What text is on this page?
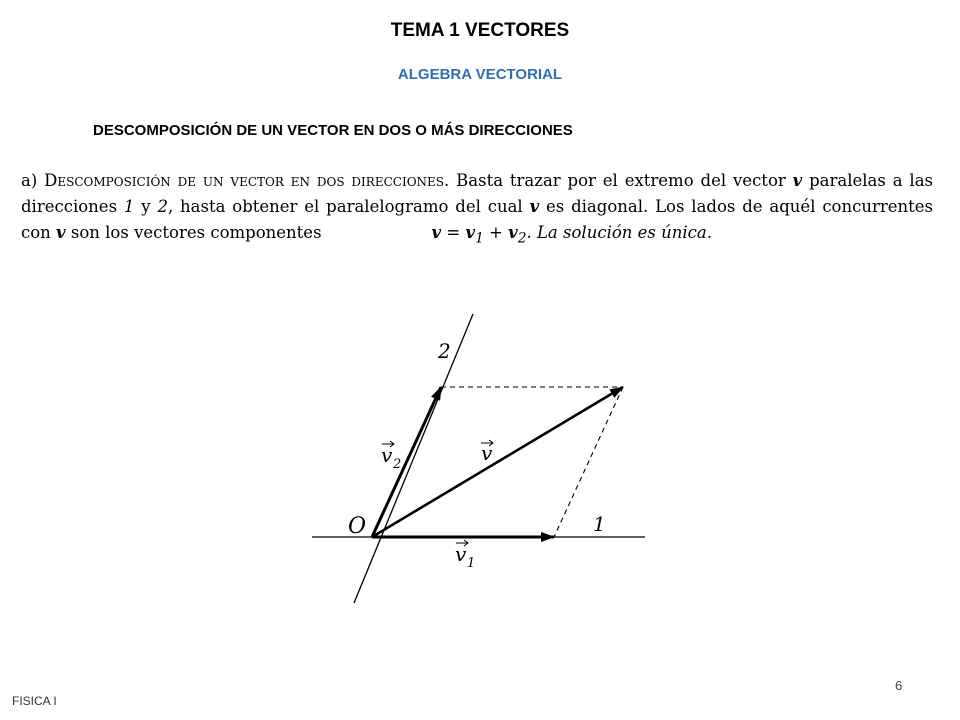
TEMA 1 VECTORES
ALGEBRA VECTORIAL
DESCOMPOSICIÓN DE UN VECTOR EN DOS O MÁS DIRECCIONES
a) Descomposición de un vector en dos direcciones. Basta trazar por el extremo del vector v paralelas a las direcciones 1 y 2, hasta obtener el paralelogramo del cual v es diagonal. Los lados de aquél concurrentes con v son los vectores componentes	$v = v_1 + v_2$. La solución es única.
O	1
2
v
v 2
v 1
6
FISICA I
